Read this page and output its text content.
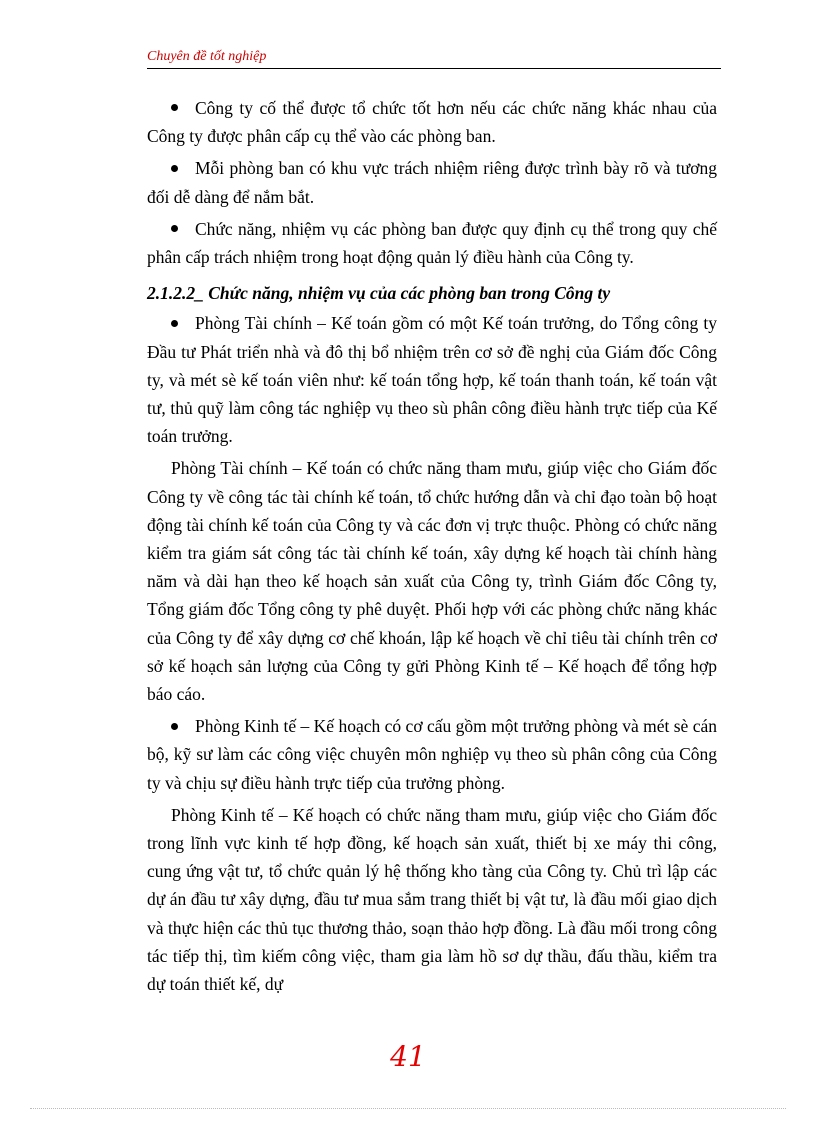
Chuyên đề tốt nghiệp

Công ty cố thể được tổ chức tốt hơn nếu các chức năng khác nhau của Công ty được phân cấp cụ thể vào các phòng ban.

Mỗi phòng ban có khu vực trách nhiệm riêng được trình bày rõ và tương đối dễ dàng để nắm bắt.

Chức năng, nhiệm vụ các phòng ban được quy định cụ thể trong quy chế phân cấp trách nhiệm trong hoạt động quản lý điều hành của Công ty.

2.1.2.2_ Chức năng, nhiệm vụ của các phòng ban trong Công ty

Phòng Tài chính – Kế toán gồm có một Kế toán trưởng, do Tổng công ty Đầu tư Phát triển nhà và đô thị bổ nhiệm trên cơ sở đề nghị của Giám đốc Công ty, và mét sè kế toán viên như: kế toán tổng hợp, kế toán thanh toán, kế toán vật tư, thủ quỹ làm công tác nghiệp vụ theo sù phân công điều hành trực tiếp của Kế toán trưởng.

Phòng Tài chính – Kế toán có chức năng tham mưu, giúp việc cho Giám đốc Công ty về công tác tài chính kế toán, tổ chức hướng dẫn và chỉ đạo toàn bộ hoạt động tài chính kế toán của Công ty và các đơn vị trực thuộc. Phòng có chức năng kiểm tra giám sát công tác tài chính kế toán, xây dựng kế hoạch tài chính hàng năm và dài hạn theo kế hoạch sản xuất của Công ty, trình Giám đốc Công ty, Tổng giám đốc Tổng công ty phê duyệt. Phối hợp với các phòng chức năng khác của Công ty để xây dựng cơ chế khoán, lập kế hoạch về chỉ tiêu tài chính trên cơ sở kế hoạch sản lượng của Công ty gửi Phòng Kinh tế – Kế hoạch để tổng hợp báo cáo.

Phòng Kinh tế – Kế hoạch có cơ cấu gồm một trưởng phòng và mét sè cán bộ, kỹ sư làm các công việc chuyên môn nghiệp vụ theo sù phân công của Công ty và chịu sự điều hành trực tiếp của trưởng phòng.

Phòng Kinh tế – Kế hoạch có chức năng tham mưu, giúp việc cho Giám đốc trong lĩnh vực kinh tế hợp đồng, kế hoạch sản xuất, thiết bị xe máy thi công, cung ứng vật tư, tổ chức quản lý hệ thống kho tàng của Công ty. Chủ trì lập các dự án đầu tư xây dựng, đầu tư mua sắm trang thiết bị vật tư, là đầu mối giao dịch và thực hiện các thủ tục thương thảo, soạn thảo hợp đồng. Là đầu mối trong công tác tiếp thị, tìm kiếm công việc, tham gia làm hồ sơ dự thầu, đấu thầu, kiểm tra dự toán thiết kế, dự

41
